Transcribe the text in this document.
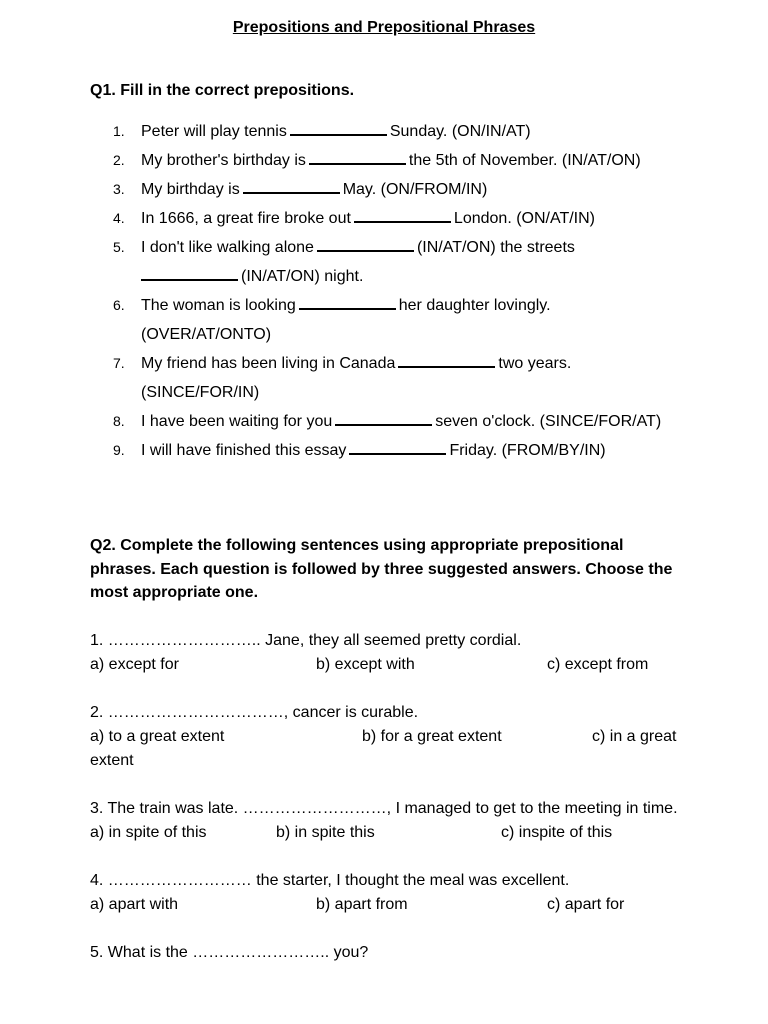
Prepositions and Prepositional Phrases
Q1. Fill in the correct prepositions.
1.	Peter will play tennis	Sunday. (ON/IN/AT)
2.	My brother's birthday is	the 5th of November. (IN/AT/ON)
3.	My birthday is	May. (ON/FROM/IN)
4.	In 1666, a great fire broke out	London. (ON/AT/IN)
5.	I don't like walking alone	(IN/AT/ON) the streets
(IN/AT/ON) night.
6.	The woman is looking	her daughter lovingly.(OVER/AT/ONTO)
7.	My friend has been living in Canada	two years.(SINCE/FOR/IN)
8.	I have been waiting for you	seven o'clock. (SINCE/FOR/AT)
9.	I will have finished this essay	Friday. (FROM/BY/IN)
Q2. Complete the following sentences using appropriate prepositional phrases. Each question is followed by three suggested answers. Choose the most appropriate one.
1. ……………………….. Jane, they all seemed pretty cordial.
a) except for	b) except with	c) except from
2. ……………………………, cancer is curable.
a) to a great extent	b) for a great extent	c) in a great extent
3. The train was late. ………………………, I managed to get to the meeting in time.
a) in spite of this	b) in spite this	c) inspite of this
4. ……………………… the starter, I thought the meal was excellent.
a) apart with	b) apart from	c) apart for
5. What is the …………………….. you?
